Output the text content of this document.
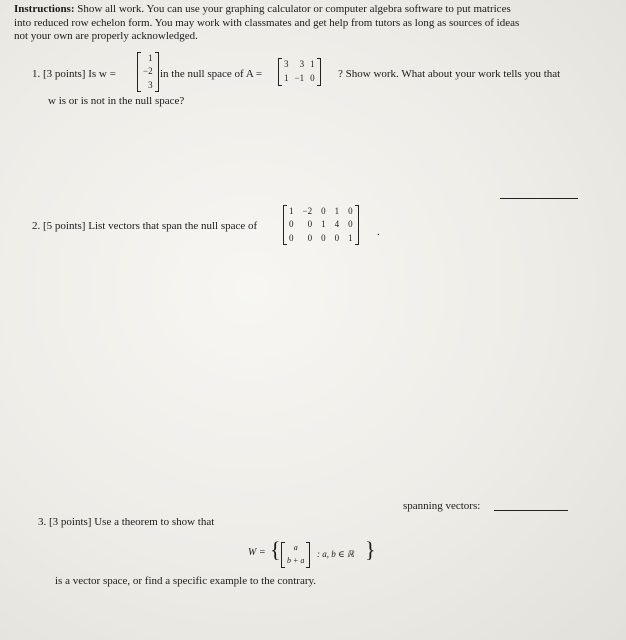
Instructions: Show all work. You can use your graphing calculator or computer algebra software to put matrices
into reduced row echelon form. You may work with classmates and get help from tutors as long as sources of ideas
not your own are properly acknowledged.
1. [3 points] Is w =
1
−2
3
in the null space of A =
3	3 1
1 −1 0 ? Show work. What about your work tells you that
w is or is not in the null space?
2. [5 points] List vectors that span the null space of
1 −2 0 1 0
0	0 1 4 0
0	0 0 0 1 .
spanning vectors:
3. [3 points] Use a theorem to show that
W = {	a
b + a
: a, b ∈ ℝ }
is a vector space, or find a specific example to the contrary.
